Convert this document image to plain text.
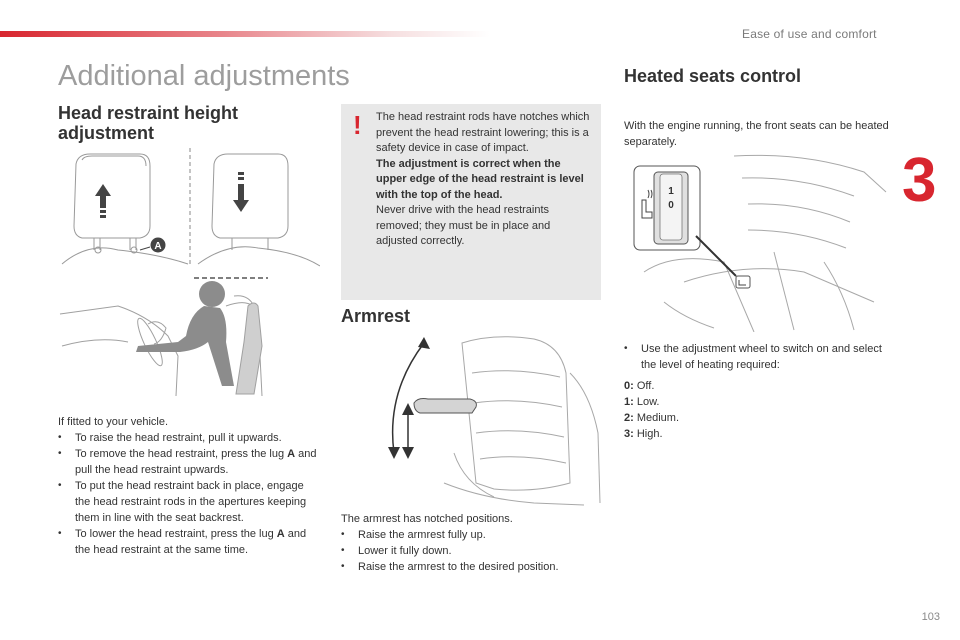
Ease of use and comfort
3
Additional adjustments
Head restraint height adjustment
A

If fitted to your vehicle.

• To raise the head restraint, pull it upwards.
• To remove the head restraint, press the lug A and pull the head restraint upwards.
• To put the head restraint back in place, engage the head restraint rods in the apertures keeping them in line with the seat backrest.
• To lower the head restraint, press the lug A and the head restraint at the same time.
! The head restraint rods have notches which prevent the head restraint lowering; this is a safety device in case of impact.

The adjustment is correct when the upper edge of the head restraint is level with the top of the head.

Never drive with the head restraints removed; they must be in place and adjusted correctly.

Armrest

The armrest has notched positions.

• Raise the armrest fully up.
• Lower it fully down.
• Raise the armrest to the desired position.
Heated seats control

With the engine running, the front seats can be heated separately.

1
0
• Use the adjustment wheel to switch on and select the level of heating required:
0: Off.
1: Low.
2: Medium.
3: High.
103
